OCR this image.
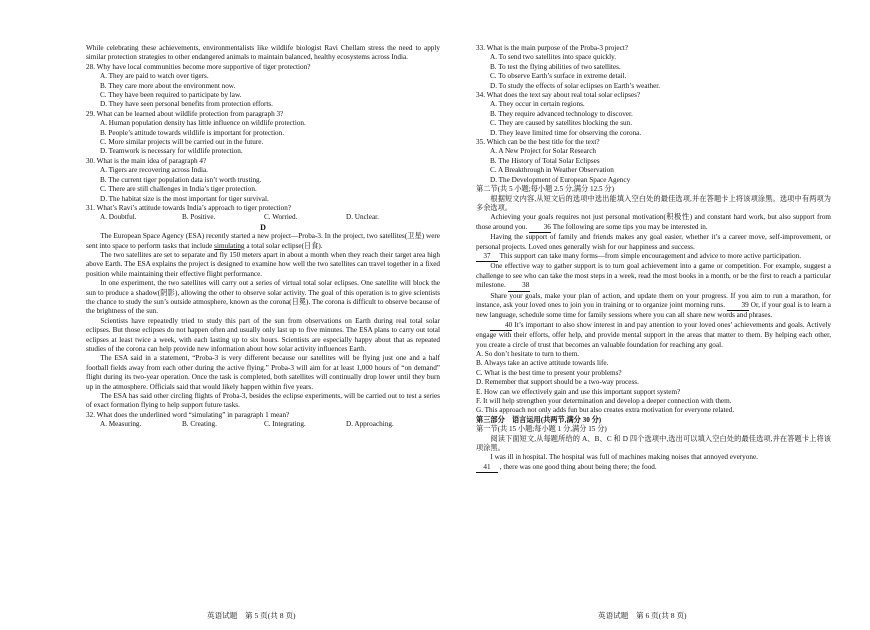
While celebrating these achievements, environmentalists like wildlife biologist Ravi Chellam stress the need to apply similar protection strategies to other endangered animals to maintain balanced, healthy ecosystems across India.

28. Why have local communities become more supportive of tiger protection?

A. They are paid to watch over tigers.

B. They care more about the environment now.

C. They have been required to participate by law.

D. They have seen personal benefits from protection efforts.

29. What can be learned about wildlife protection from paragraph 3?

A. Human population density has little influence on wildlife protection.

B. People’s attitude towards wildlife is important for protection.

C. More similar projects will be carried out in the future.

D. Teamwork is necessary for wildlife protection.

30. What is the main idea of paragraph 4?

A. Tigers are recovering across India.

B. The current tiger population data isn’t worth trusting.

C. There are still challenges in India’s tiger protection.

D. The habitat size is the most important for tiger survival.

31. What’s Ravi’s attitude towards India’s approach to tiger protection?

A. Doubtful.	B. Positive.	C. Worried.	D. Unclear.

D

The European Space Agency (ESA) recently started a new project—Proba-3. In the project, two satellites(卫星) were sent into space to perform tasks that include simulating a total solar eclipse(日食).

The two satellites are set to separate and fly 150 meters apart in about a month when they reach their target area high above Earth. The ESA explains the project is designed to examine how well the two satellites can travel together in a fixed position while maintaining their effective flight performance.

In one experiment, the two satellites will carry out a series of virtual total solar eclipses. One satellite will block the sun to produce a shadow(阴影), allowing the other to observe solar activity. The goal of this operation is to give scientists the chance to study the sun’s outside atmosphere, known as the corona(日冕). The corona is difficult to observe because of the brightness of the sun.

Scientists have repeatedly tried to study this part of the sun from observations on Earth during real total solar eclipses. But those eclipses do not happen often and usually only last up to five minutes. The ESA plans to carry out total eclipses at least twice a week, with each lasting up to six hours. Scientists are especially happy about that as repeated studies of the corona can help provide new information about how solar activity influences Earth.

The ESA said in a statement, “Proba-3 is very different because our satellites will be flying just one and a half football fields away from each other during the active flying.” Proba-3 will aim for at least 1,000 hours of “on demand” flight during its two-year operation. Once the task is completed, both satellites will continually drop lower until they burn up in the atmosphere. Officials said that would likely happen within five years.

The ESA has said other circling flights of Proba-3, besides the eclipse experiments, will be carried out to test a series of exact formation flying to help support future tasks.

32. What does the underlined word “simulating” in paragraph 1 mean?

A. Measuring.	B. Creating.	C. Integrating.	D. Approaching.

33. What is the main purpose of the Proba-3 project?

A. To send two satellites into space quickly.

B. To test the flying abilities of two satellites.

C. To observe Earth’s surface in extreme detail.

D. To study the effects of solar eclipses on Earth’s weather.

34. What does the text say about real total solar eclipses?

A. They occur in certain regions.

B. They require advanced technology to discover.

C. They are caused by satellites blocking the sun.

D. They leave limited time for observing the corona.

35. Which can be the best title for the text?

A. A New Project for Solar Research

B. The History of Total Solar Eclipses

C. A Breakthrough in Weather Observation

D. The Development of European Space Agency

第二节(共 5 小题;每小题 2.5 分,满分 12.5 分)

根据短文内容,从短文后的选项中选出能填入空白处的最佳选项,并在答题卡上将该项涂黑。选项中有两项为多余选项。

Achieving your goals requires not just personal motivation(积极性) and constant hard work, but also support from those around you. 36 The following are some tips you may be interested in.

Having the support of family and friends makes any goal easier, whether it’s a career move, self-improvement, or personal projects. Loved ones generally wish for our happiness and success.

37 This support can take many forms—from simple encouragement and advice to more active participation.

One effective way to gather support is to turn goal achievement into a game or competition. For example, suggest a challenge to see who can take the most steps in a week, read the most books in a month, or be the first to reach a particular milestone. 38

Share your goals, make your plan of action, and update them on your progress. If you aim to run a marathon, for instance, ask your loved ones to join you in training or to organize joint morning runs. 39 Or, if your goal is to learn a new language, schedule some time for family sessions where you can all share new words and phrases.

40 It’s important to also show interest in and pay attention to your loved ones’ achievements and goals. Actively engage with their efforts, offer help, and provide mental support in the areas that matter to them. By helping each other, you create a circle of trust that becomes an valuable foundation for reaching any goal.

A. So don’t hesitate to turn to them.

B. Always take an active attitude towards life.

C. What is the best time to present your problems?

D. Remember that support should be a two-way process.

E. How can we effectively gain and use this important support system?

F. It will help strengthen your determination and develop a deeper connection with them.

G. This approach not only adds fun but also creates extra motivation for everyone related.

第三部分　语言运用(共两节,满分 30 分)

第一节(共 15 小题;每小题 1 分,满分 15 分)

阅读下面短文,从每题所给的 A、B、C 和 D 四个选项中,选出可以填入空白处的最佳选项,并在答题卡上将该项涂黑。

I was ill in hospital. The hospital was full of machines making noises that annoyed everyone.

41 , there was one good thing about being there; the food.

英语试题　第 5 页(共 8 页)	英语试题　第 6 页(共 8 页)
